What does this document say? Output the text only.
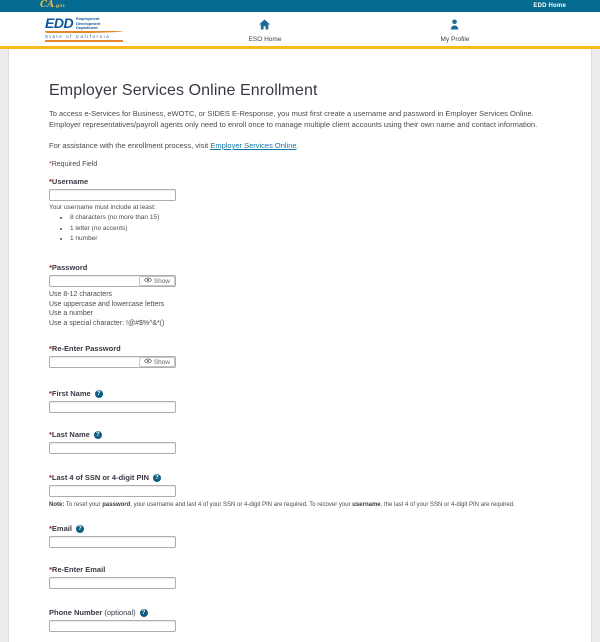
CA.gov	EDD Home
EDD Employment
Development
Department
State of California	ESO Home	My Profile
Employer Services Online Enrollment

To access e-Services for Business, eWOTC, or SIDES E-Response, you must first create a username and password in Employer Services Online. Employer representatives/payroll agents only need to enroll once to manage multiple client accounts using their own name and contact information.

For assistance with the enrollment process, visit Employer Services Online.

*Required Field

* Username
Your username must include at least:
• 8 characters (no more than 15)
• 1 letter (no accents)
• 1 number
* Password
Show
Use 8-12 characters
Use uppercase and lowercase letters
Use a number
Use a special character: !@#$%^&*()
* Re-Enter Password
Show
* First Name	?
* Last Name	?
* Last 4 of SSN or 4-digit PIN	?

Note: To reset your password, your username and last 4 of your SSN or 4-digit PIN are required. To recover your username, the last 4 of your SSN or 4-digit PIN are required.

* Email	?
* Re-Enter Email
Phone Number (optional)	?
